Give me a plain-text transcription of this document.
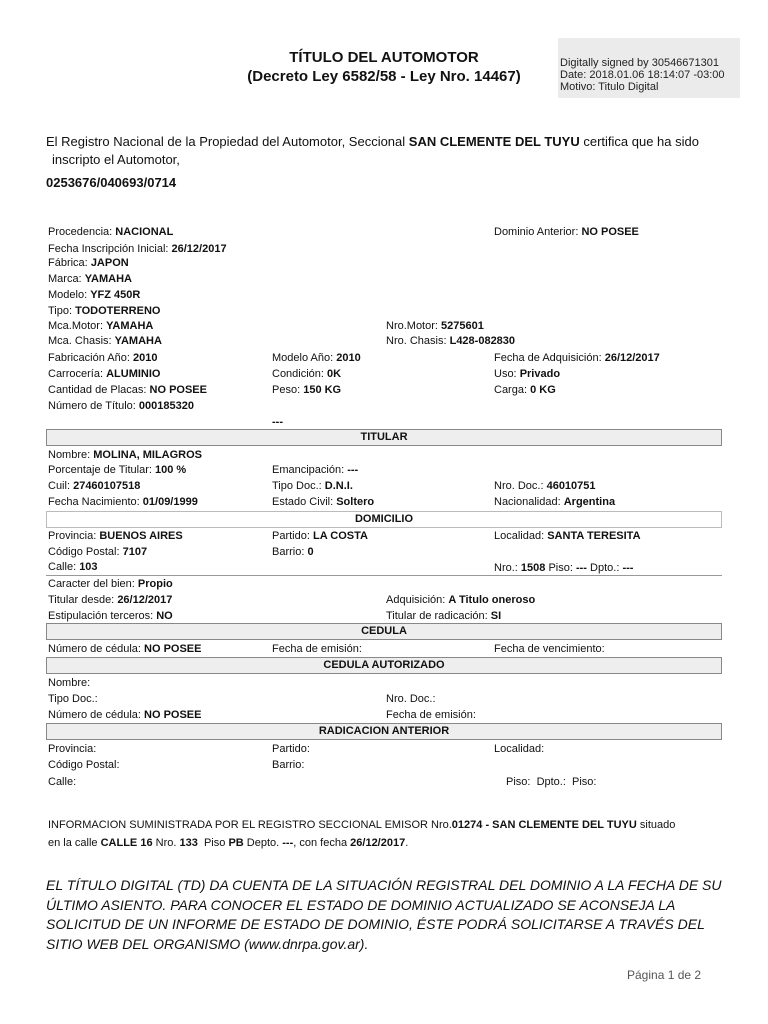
TÍTULO DEL AUTOMOTOR
(Decreto Ley 6582/58 - Ley Nro. 14467)
Digitally signed by 30546671301
Date: 2018.01.06 18:14:07 -03:00
Motivo: Titulo Digital
El Registro Nacional de la Propiedad del Automotor, Seccional SAN CLEMENTE DEL TUYU certifica que ha sido
inscripto el Automotor,
0253676/040693/0714
Procedencia: NACIONAL	Dominio Anterior: NO POSEE
Fecha Inscripción Inicial: 26/12/2017
Fábrica: JAPON
Marca: YAMAHA
Modelo: YFZ 450R
Tipo: TODOTERRENO
Mca.Motor: YAMAHA	Nro.Motor: 5275601
Mca. Chasis: YAMAHA	Nro. Chasis: L428-082830
Fabricación Año: 2010	Modelo Año: 2010	Fecha de Adquisición: 26/12/2017
Carrocería: ALUMINIO	Condición: 0K	Uso: Privado
Cantidad de Placas: NO POSEE	Peso: 150 KG	Carga: 0 KG
Número de Título: 000185320
---
TITULAR
Nombre: MOLINA, MILAGROS
Porcentaje de Titular: 100 %	Emancipación: ---
Cuil: 27460107518	Tipo Doc.: D.N.I.	Nro. Doc.: 46010751
Fecha Nacimiento: 01/09/1999	Estado Civil: Soltero	Nacionalidad: Argentina
DOMICILIO
Provincia: BUENOS AIRES	Partido: LA COSTA	Localidad: SANTA TERESITA
Código Postal: 7107	Barrio: 0
Calle: 103	Nro.: 1508 Piso: --- Dpto.: ---
Caracter del bien: Propio
Titular desde: 26/12/2017	Adquisición: A Titulo oneroso
Estipulación terceros: NO	Titular de radicación: SI
CEDULA
Número de cédula: NO POSEE	Fecha de emisión:	Fecha de vencimiento:
CEDULA AUTORIZADO
Nombre:
Tipo Doc.:	Nro. Doc.:
Número de cédula: NO POSEE	Fecha de emisión:
RADICACION ANTERIOR
Provincia:	Partido:	Localidad:
Código Postal:	Barrio:
Calle:	Piso:  Dpto.:  Piso:
INFORMACION SUMINISTRADA POR EL REGISTRO SECCIONAL EMISOR Nro.01274 - SAN CLEMENTE DEL TUYU situado
en la calle CALLE 16 Nro. 133 Piso PB Depto. ---, con fecha 26/12/2017.
EL TÍTULO DIGITAL (TD) DA CUENTA DE LA SITUACIÓN REGISTRAL DEL DOMINIO A LA FECHA DE SU ÚLTIMO ASIENTO. PARA CONOCER EL ESTADO DE DOMINIO ACTUALIZADO SE ACONSEJA LA SOLICITUD DE UN INFORME DE ESTADO DE DOMINIO, ÉSTE PODRÁ SOLICITARSE A TRAVÉS DEL SITIO WEB DEL ORGANISMO (www.dnrpa.gov.ar).
Página 1 de 2
